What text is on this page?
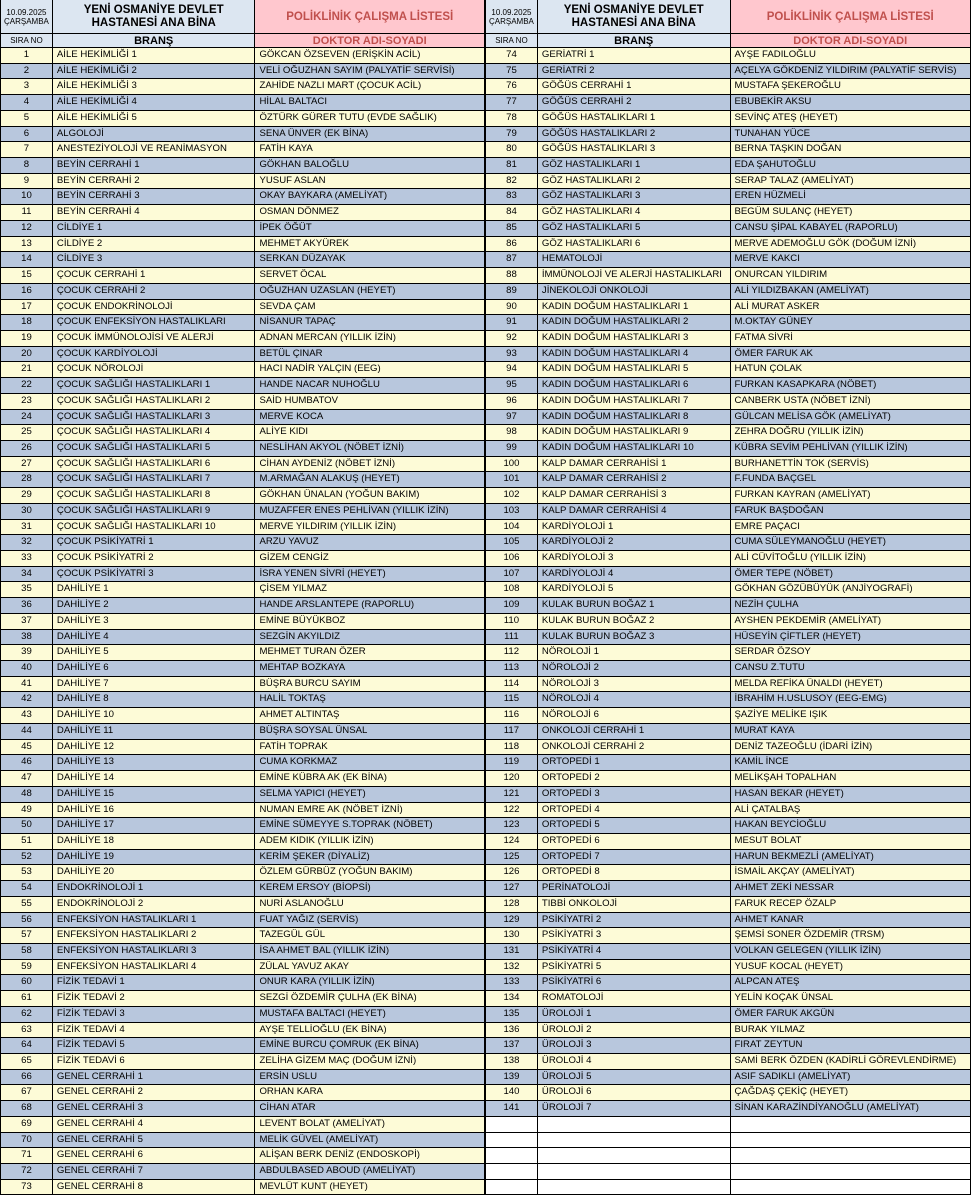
10.09.2025
ÇARŞAMBA
YENİ OSMANİYE DEVLET HASTANESİ ANA BİNA	POLİKLİNİK ÇALIŞMA LİSTESİ
SIRA NO	BRANŞ	DOKTOR ADI-SOYADI
1	AİLE HEKİMLİĞİ 1	GÖKCAN ÖZSEVEN (ERİŞKİN ACİL)
2	AİLE HEKİMLİĞİ 2	VELİ OĞUZHAN SAYIM (PALYATİF SERVİSİ)
3	AİLE HEKİMLİĞİ 3	ZAHİDE NAZLI MART (ÇOCUK ACİL)
4	AİLE HEKİMLİĞİ 4	HİLAL BALTACI
5	AİLE HEKİMLİĞİ 5	ÖZTÜRK GÜRER TUTU (EVDE SAĞLIK)
6	ALGOLOJİ	SENA ÜNVER (EK BİNA)
7	ANESTEZİYOLOJİ VE REANİMASYON	FATİH KAYA
8	BEYİN CERRAHİ 1	GÖKHAN BALOĞLU
9	BEYİN CERRAHİ 2	YUSUF ASLAN
10	BEYİN CERRAHİ 3	OKAY BAYKARA (AMELİYAT)
11	BEYİN CERRAHİ 4	OSMAN DÖNMEZ
12	CİLDİYE 1	İPEK ÖĞÜT
13	CİLDİYE 2	MEHMET AKYÜREK
14	CİLDİYE 3	SERKAN DÜZAYAK
15	ÇOCUK CERRAHİ 1	SERVET ÖCAL
16	ÇOCUK CERRAHİ 2	OĞUZHAN UZASLAN (HEYET)
17	ÇOCUK ENDOKRİNOLOJİ	SEVDA ÇAM
18	ÇOCUK ENFEKSİYON HASTALIKLARI	NİSANUR TAPAÇ
19	ÇOCUK İMMÜNOLOJİSİ VE ALERJİ	ADNAN MERCAN (YILLIK İZİN)
20	ÇOCUK KARDİYOLOJİ	BETÜL ÇINAR
21	ÇOCUK NÖROLOJİ	HACI NADİR YALÇIN (EEG)
22	ÇOCUK SAĞLIĞI HASTALIKLARI 1	HANDE NACAR NUHOĞLU
23	ÇOCUK SAĞLIĞI HASTALIKLARI 2	SAİD HUMBATOV
24	ÇOCUK SAĞLIĞI HASTALIKLARI 3	MERVE KOCA
25	ÇOCUK SAĞLIĞI HASTALIKLARI 4	ALİYE KIDI
26	ÇOCUK SAĞLIĞI HASTALIKLARI 5	NESLİHAN AKYOL (NÖBET İZNİ)
27	ÇOCUK SAĞLIĞI HASTALIKLARI 6	CİHAN AYDENİZ (NÖBET İZNİ)
28	ÇOCUK SAĞLIĞI HASTALIKLARI 7	M.ARMAĞAN ALAKUŞ (HEYET)
29	ÇOCUK SAĞLIĞI HASTALIKLARI 8	GÖKHAN ÜNALAN (YOĞUN BAKIM)
30	ÇOCUK SAĞLIĞI HASTALIKLARI 9	MUZAFFER ENES PEHLİVAN (YILLIK İZİN)
31	ÇOCUK SAĞLIĞI HASTALIKLARI 10	MERVE YILDIRIM (YILLIK İZİN)
32	ÇOCUK PSİKİYATRİ 1	ARZU YAVUZ
33	ÇOCUK PSİKİYATRİ 2	GİZEM CENGİZ
34	ÇOCUK PSİKİYATRİ 3	İSRA YENEN SİVRİ (HEYET)
35	DAHİLİYE 1	ÇİSEM YILMAZ
36	DAHİLİYE 2	HANDE ARSLANTEPE (RAPORLU)
37	DAHİLİYE 3	EMİNE BÜYÜKBOZ
38	DAHİLİYE 4	SEZGİN AKYILDIZ
39	DAHİLİYE 5	MEHMET TURAN ÖZER
40	DAHİLİYE 6	MEHTAP BOZKAYA
41	DAHİLİYE 7	BÜŞRA BURCU SAYIM
42	DAHİLİYE 8	HALİL TOKTAŞ
43	DAHİLİYE 10	AHMET ALTINTAŞ
44	DAHİLİYE 11	BÜŞRA SOYSAL ÜNSAL
45	DAHİLİYE 12	FATİH TOPRAK
46	DAHİLİYE 13	CUMA KORKMAZ
47	DAHİLİYE 14	EMİNE KÜBRA AK (EK BİNA)
48	DAHİLİYE 15	SELMA YAPICI (HEYET)
49	DAHİLİYE 16	NUMAN EMRE AK (NÖBET İZNİ)
50	DAHİLİYE 17	EMİNE SÜMEYYE S.TOPRAK (NÖBET)
51	DAHİLİYE 18	ADEM KIDIK (YILLIK İZİN)
52	DAHİLİYE 19	KERİM ŞEKER (DİYALİZ)
53	DAHİLİYE 20	ÖZLEM GÜRBÜZ (YOĞUN BAKIM)
54	ENDOKRİNOLOJİ 1	KEREM ERSOY (BİOPSİ)
55	ENDOKRİNOLOJİ 2	NURİ ASLANOĞLU
56	ENFEKSİYON HASTALIKLARI 1	FUAT YAĞIZ (SERVİS)
57	ENFEKSİYON HASTALIKLARI 2	TAZEGÜL GÜL
58	ENFEKSİYON HASTALIKLARI 3	İSA AHMET BAL (YILLIK İZİN)
59	ENFEKSİYON HASTALIKLARI 4	ZÜLAL YAVUZ AKAY
60	FİZİK TEDAVİ 1	ONUR KARA (YILLIK İZİN)
61	FİZİK TEDAVİ 2	SEZGİ ÖZDEMİR ÇULHA (EK BİNA)
62	FİZİK TEDAVİ 3	MUSTAFA BALTACI (HEYET)
63	FİZİK TEDAVİ 4	AYŞE TELLİOĞLU (EK BİNA)
64	FİZİK TEDAVİ 5	EMİNE BURCU ÇOMRUK (EK BİNA)
65	FİZİK TEDAVİ 6	ZELİHA GİZEM MAÇ (DOĞUM İZNİ)
66	GENEL CERRAHİ 1	ERSİN USLU
67	GENEL CERRAHİ 2	ORHAN KARA
68	GENEL CERRAHİ 3	CİHAN ATAR
69	GENEL CERRAHİ 4	LEVENT BOLAT (AMELİYAT)
70	GENEL CERRAHİ 5	MELİK GÜVEL (AMELİYAT)
71	GENEL CERRAHİ 6	ALİŞAN BERK DENİZ (ENDOSKOPİ)
72	GENEL CERRAHİ 7	ABDULBASED ABOUD (AMELİYAT)
73	GENEL CERRAHİ 8	MEVLÜT KUNT (HEYET)
10.09.2025
ÇARŞAMBA
YENİ OSMANİYE DEVLET HASTANESİ ANA BİNA	POLİKLİNİK ÇALIŞMA LİSTESİ
SIRA NO	BRANŞ	DOKTOR ADI-SOYADI
74	GERİATRİ 1	AYŞE FADILOĞLU
75	GERİATRİ 2	AÇELYA GÖKDENİZ YILDIRIM (PALYATİF SERVİS)
76	GÖĞÜS CERRAHİ 1	MUSTAFA ŞEKEROĞLU
77	GÖĞÜS CERRAHİ 2	EBUBEKİR AKSU
78	GÖĞÜS HASTALIKLARI 1	SEVİNÇ ATEŞ (HEYET)
79	GÖĞÜS HASTALIKLARI 2	TUNAHAN YÜCE
80	GÖĞÜS HASTALIKLARI 3	BERNA TAŞKIN DOĞAN
81	GÖZ HASTALIKLARI 1	EDA ŞAHUTOĞLU
82	GÖZ HASTALIKLARI 2	SERAP TALAZ (AMELİYAT)
83	GÖZ HASTALIKLARI 3	EREN HÜZMELİ
84	GÖZ HASTALIKLARI 4	BEGÜM SULANÇ (HEYET)
85	GÖZ HASTALIKLARI 5	CANSU ŞİPAL KABAYEL (RAPORLU)
86	GÖZ HASTALIKLARI 6	MERVE ADEMOĞLU GÖK (DOĞUM İZNİ)
87	HEMATOLOJİ	MERVE KAKCI
88	İMMÜNOLOJİ VE ALERJİ HASTALIKLARI	ONURCAN YILDIRIM
89	JİNEKOLOJİ ONKOLOJİ	ALİ YILDIZBAKAN (AMELİYAT)
90	KADIN DOĞUM HASTALIKLARI 1	ALİ MURAT ASKER
91	KADIN DOĞUM HASTALIKLARI 2	M.OKTAY GÜNEY
92	KADIN DOĞUM HASTALIKLARI 3	FATMA SİVRİ
93	KADIN DOĞUM HASTALIKLARI 4	ÖMER FARUK AK
94	KADIN DOĞUM HASTALIKLARI 5	HATUN ÇOLAK
95	KADIN DOĞUM HASTALIKLARI 6	FURKAN KASAPKARA (NÖBET)
96	KADIN DOĞUM HASTALIKLARI 7	CANBERK USTA (NÖBET İZNİ)
97	KADIN DOĞUM HASTALIKLARI 8	GÜLCAN MELİSA GÖK (AMELİYAT)
98	KADIN DOĞUM HASTALIKLARI 9	ZEHRA DOĞRU (YILLIK İZİN)
99	KADIN DOĞUM HASTALIKLARI 10	KÜBRA SEVİM PEHLİVAN (YILLIK İZİN)
100	KALP DAMAR CERRAHİSİ 1	BURHANETTİN TOK (SERVİS)
101	KALP DAMAR CERRAHİSİ 2	F.FUNDA BAÇGEL
102	KALP DAMAR CERRAHİSİ 3	FURKAN KAYRAN (AMELİYAT)
103	KALP DAMAR CERRAHİSİ 4	FARUK BAŞDOĞAN
104	KARDİYOLOJİ 1	EMRE PAÇACI
105	KARDİYOLOJİ 2	CUMA SÜLEYMANOĞLU (HEYET)
106	KARDİYOLOJİ 3	ALİ CÜVİTOĞLU (YILLIK İZİN)
107	KARDİYOLOJİ 4	ÖMER TEPE (NÖBET)
108	KARDİYOLOJİ 5	GÖKHAN GÖZÜBÜYÜK (ANJİYOGRAFİ)
109	KULAK BURUN BOĞAZ 1	NEZİH ÇULHA
110	KULAK BURUN BOĞAZ 2	AYSHEN PEKDEMİR (AMELİYAT)
111	KULAK BURUN BOĞAZ 3	HÜSEYİN ÇİFTLER (HEYET)
112	NÖROLOJİ 1	SERDAR ÖZSOY
113	NÖROLOJİ 2	CANSU Z.TUTU
114	NÖROLOJİ 3	MELDA REFİKA ÜNALDI (HEYET)
115	NÖROLOJİ 4	İBRAHİM H.USLUSOY (EEG-EMG)
116	NÖROLOJİ 6	ŞAZİYE MELİKE IŞIK
117	ONKOLOJİ CERRAHİ 1	MURAT KAYA
118	ONKOLOJİ CERRAHİ 2	DENİZ TAZEOĞLU (İDARİ İZİN)
119	ORTOPEDİ 1	KAMİL İNCE
120	ORTOPEDİ 2	MELİKŞAH TOPALHAN
121	ORTOPEDİ 3	HASAN BEKAR (HEYET)
122	ORTOPEDİ 4	ALİ ÇATALBAŞ
123	ORTOPEDİ 5	HAKAN BEYCİOĞLU
124	ORTOPEDİ 6	MESUT BOLAT
125	ORTOPEDİ 7	HARUN BEKMEZLİ (AMELİYAT)
126	ORTOPEDİ 8	İSMAİL AKÇAY (AMELİYAT)
127	PERİNATOLOJİ	AHMET ZEKİ NESSAR
128	TIBBİ ONKOLOJİ	FARUK RECEP ÖZALP
129	PSİKİYATRİ 2	AHMET KANAR
130	PSİKİYATRİ 3	ŞEMSİ SONER ÖZDEMİR (TRSM)
131	PSİKİYATRİ 4	VOLKAN GELEGEN (YILLIK İZİN)
132	PSİKİYATRİ 5	YUSUF KOCAL (HEYET)
133	PSİKİYATRİ 6	ALPCAN ATEŞ
134	ROMATOLOJİ	YELİN KOÇAK ÜNSAL
135	ÜROLOJİ 1	ÖMER FARUK AKGÜN
136	ÜROLOJİ 2	BURAK YILMAZ
137	ÜROLOJİ 3	FIRAT ZEYTUN
138	ÜROLOJİ 4	SAMİ BERK ÖZDEN (KADİRLİ GÖREVLENDİRME)
139	ÜROLOJİ 5	ASIF SADIKLI (AMELİYAT)
140	ÜROLOJİ 6	ÇAĞDAŞ ÇEKİÇ (HEYET)
141	ÜROLOJİ 7	SİNAN KARAZİNDİYANOĞLU (AMELİYAT)
